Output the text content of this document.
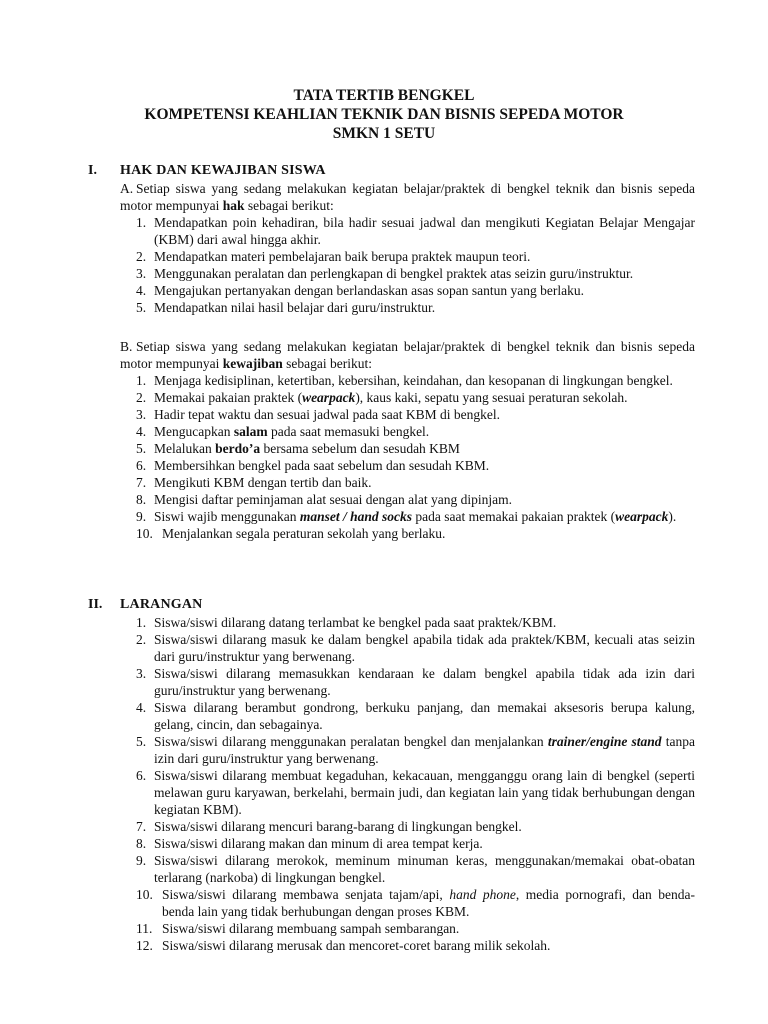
TATA TERTIB BENGKEL
KOMPETENSI KEAHLIAN TEKNIK DAN BISNIS SEPEDA MOTOR
SMKN 1 SETU
I. HAK DAN KEWAJIBAN SISWA
A. Setiap siswa yang sedang melakukan kegiatan belajar/praktek di bengkel teknik dan bisnis sepeda motor mempunyai hak sebagai berikut:
1. Mendapatkan poin kehadiran, bila hadir sesuai jadwal dan mengikuti Kegiatan Belajar Mengajar (KBM) dari awal hingga akhir.
2. Mendapatkan materi pembelajaran baik berupa praktek maupun teori.
3. Menggunakan peralatan dan perlengkapan di bengkel praktek atas seizin guru/instruktur.
4. Mengajukan pertanyakan dengan berlandaskan asas sopan santun yang berlaku.
5. Mendapatkan nilai hasil belajar dari guru/instruktur.
B. Setiap siswa yang sedang melakukan kegiatan belajar/praktek di bengkel teknik dan bisnis sepeda motor mempunyai kewajiban sebagai berikut:
1. Menjaga kedisiplinan, ketertiban, kebersihan, keindahan, dan kesopanan di lingkungan bengkel.
2. Memakai pakaian praktek (wearpack), kaus kaki, sepatu yang sesuai peraturan sekolah.
3. Hadir tepat waktu dan sesuai jadwal pada saat KBM di bengkel.
4. Mengucapkan salam pada saat memasuki bengkel.
5. Melalukan berdo’a bersama sebelum dan sesudah KBM
6. Membersihkan bengkel pada saat sebelum dan sesudah KBM.
7. Mengikuti KBM dengan tertib dan baik.
8. Mengisi daftar peminjaman alat sesuai dengan alat yang dipinjam.
9. Siswi wajib menggunakan manset / hand socks pada saat memakai pakaian praktek (wearpack).
10. Menjalankan segala peraturan sekolah yang berlaku.
II. LARANGAN
1. Siswa/siswi dilarang datang terlambat ke bengkel pada saat praktek/KBM.
2. Siswa/siswi dilarang masuk ke dalam bengkel apabila tidak ada praktek/KBM, kecuali atas seizin dari guru/instruktur yang berwenang.
3. Siswa/siswi dilarang memasukkan kendaraan ke dalam bengkel apabila tidak ada izin dari guru/instruktur yang berwenang.
4. Siswa dilarang berambut gondrong, berkuku panjang, dan memakai aksesoris berupa kalung, gelang, cincin, dan sebagainya.
5. Siswa/siswi dilarang menggunakan peralatan bengkel dan menjalankan trainer/engine stand tanpa izin dari guru/instruktur yang berwenang.
6. Siswa/siswi dilarang membuat kegaduhan, kekacauan, mengganggu orang lain di bengkel (seperti melawan guru karyawan, berkelahi, bermain judi, dan kegiatan lain yang tidak berhubungan dengan kegiatan KBM).
7. Siswa/siswi dilarang mencuri barang-barang di lingkungan bengkel.
8. Siswa/siswi dilarang makan dan minum di area tempat kerja.
9. Siswa/siswi dilarang merokok, meminum minuman keras, menggunakan/memakai obat-obatan terlarang (narkoba) di lingkungan bengkel.
10. Siswa/siswi dilarang membawa senjata tajam/api, hand phone, media pornografi, dan benda-benda lain yang tidak berhubungan dengan proses KBM.
11. Siswa/siswi dilarang membuang sampah sembarangan.
12. Siswa/siswi dilarang merusak dan mencoret-coret barang milik sekolah.
